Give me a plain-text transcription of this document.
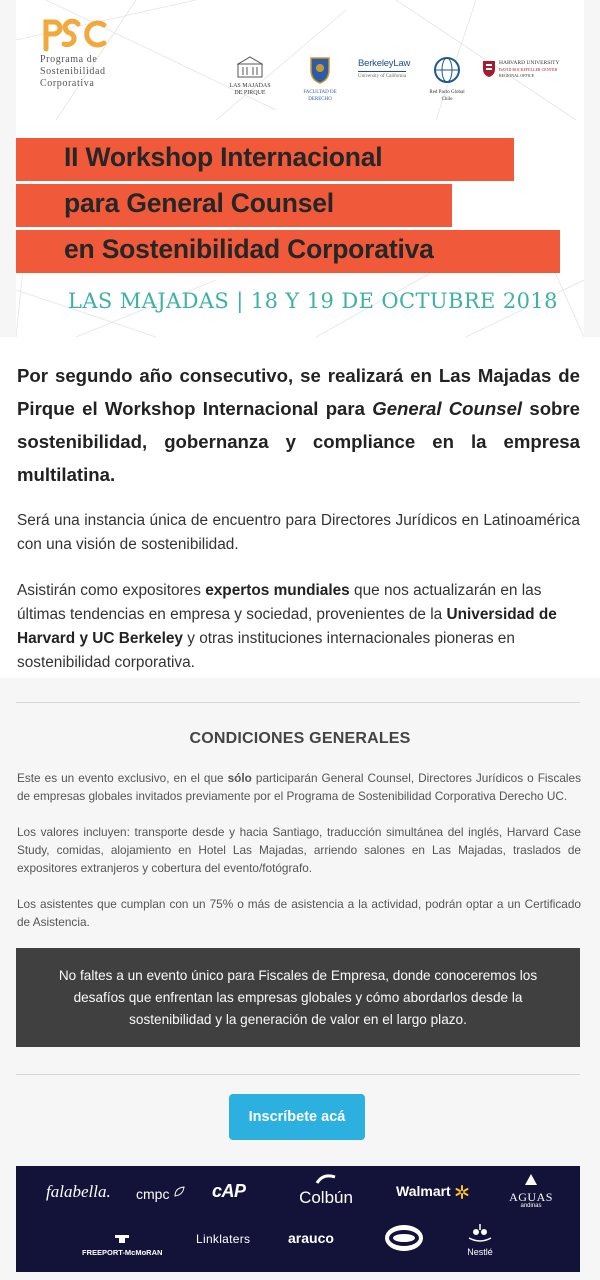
Programa de
Sostenibilidad
Corporativa	LAS MAJADAS
DE PIRQUE	FACULTAD DE DERECHO
BerkeleyLaw
University of California
Red Pacto Global Chile
HARVARD UNIVERSITY
DAVID ROCKEFELLER CENTER
REGIONAL OFFICE
II Workshop Internacional
para General Counsel
en Sostenibilidad Corporativa
LAS MAJADAS | 18 Y 19 DE OCTUBRE 2018

Por segundo año consecutivo, se realizará en Las Majadas de Pirque el Workshop Internacional para General Counsel sobre sostenibilidad, gobernanza y compliance en la empresa multilatina.

Será una instancia única de encuentro para Directores Jurídicos en Latinoamérica con una visión de sostenibilidad.

Asistirán como expositores expertos mundiales que nos actualizarán en las últimas tendencias en empresa y sociedad, provenientes de la Universidad de Harvard y UC Berkeley y otras instituciones internacionales pioneras en sostenibilidad corporativa.

CONDICIONES GENERALES

Este es un evento exclusivo, en el que sólo participarán General Counsel, Directores Jurídicos o Fiscales de empresas globales invitados previamente por el Programa de Sostenibilidad Corporativa Derecho UC.

Los valores incluyen: transporte desde y hacia Santiago, traducción simultánea del inglés, Harvard Case Study, comidas, alojamiento en Hotel Las Majadas, arriendo salones en Las Majadas, traslados de expositores extranjeros y cobertura del evento/fotógrafo.

Los asistentes que cumplan con un 75% o más de asistencia a la actividad, podrán optar a un Certificado de Asistencia.

No faltes a un evento único para Fiscales de Empresa, donde conoceremos los desafíos que enfrentan las empresas globales y cómo abordarlos desde la sostenibilidad y la generación de valor en el largo plazo.

Inscríbete acá
falabella. cmpc	cAP	Colbún	Walmart	AGUAS
andinas
FREEPORT-McMoRAN
Linklaters	arauco
Nestlé
